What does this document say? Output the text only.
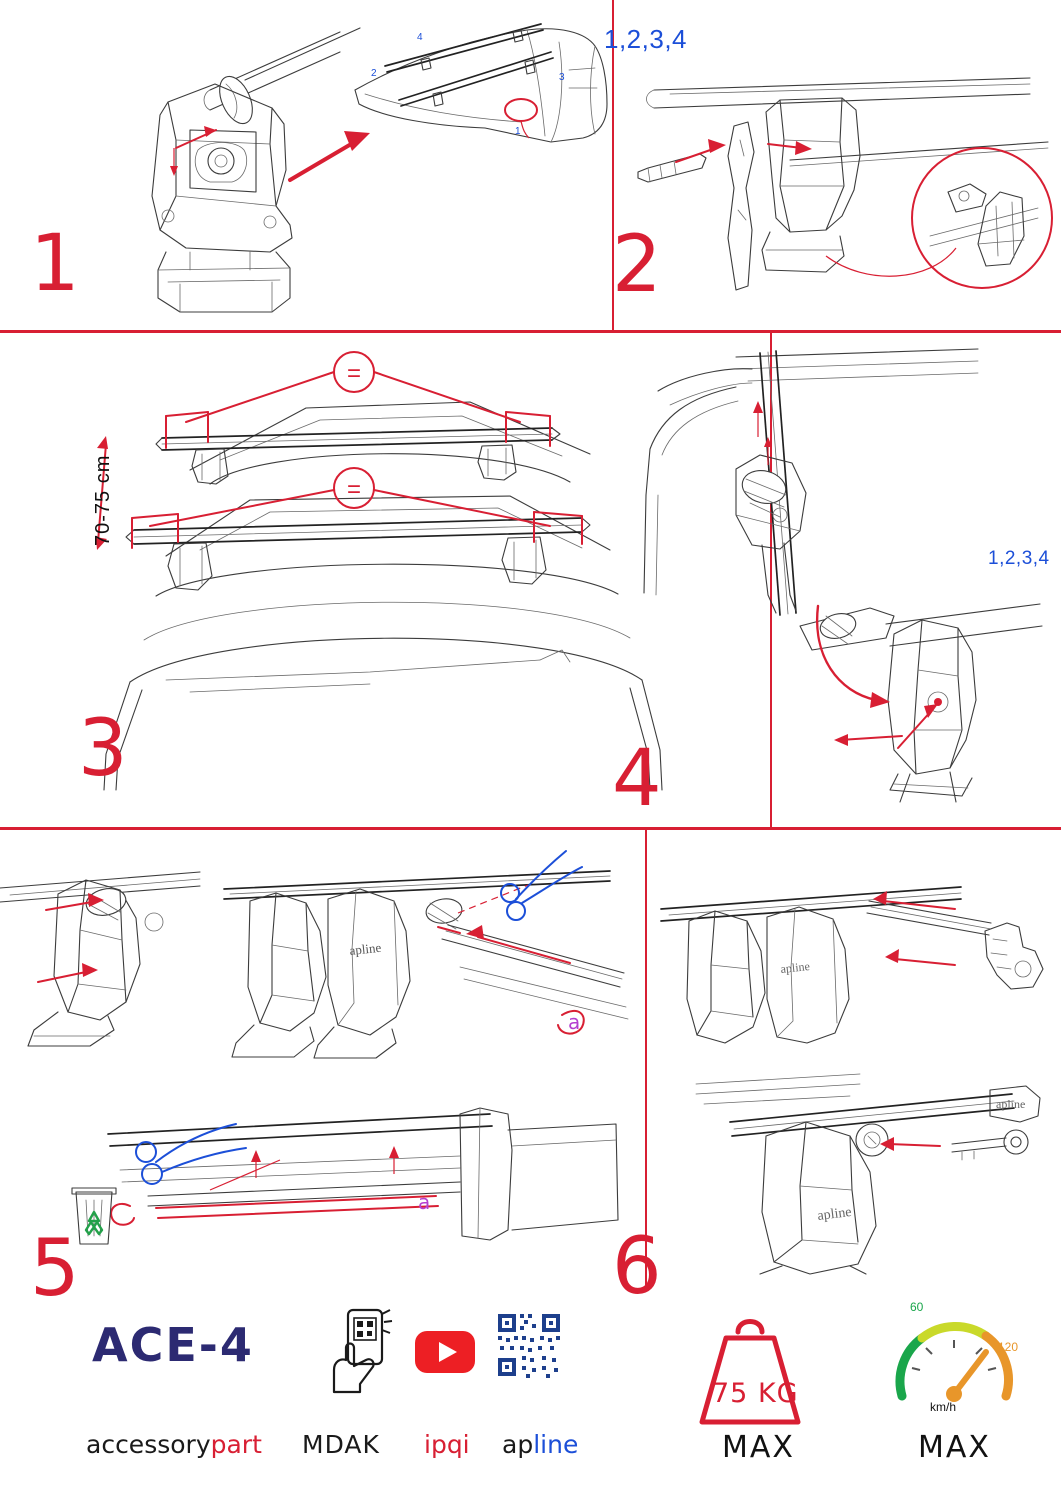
1
4
2	3
1
1,2,3,4
2
=
=
70-75 cm
3
1,2,3,4
4
apline
a
a
5
apline
apline
apline
6
ACE-4
accessorypart MDAK ipqi apline
75 KG
MAX
60
120
km/h
MAX
